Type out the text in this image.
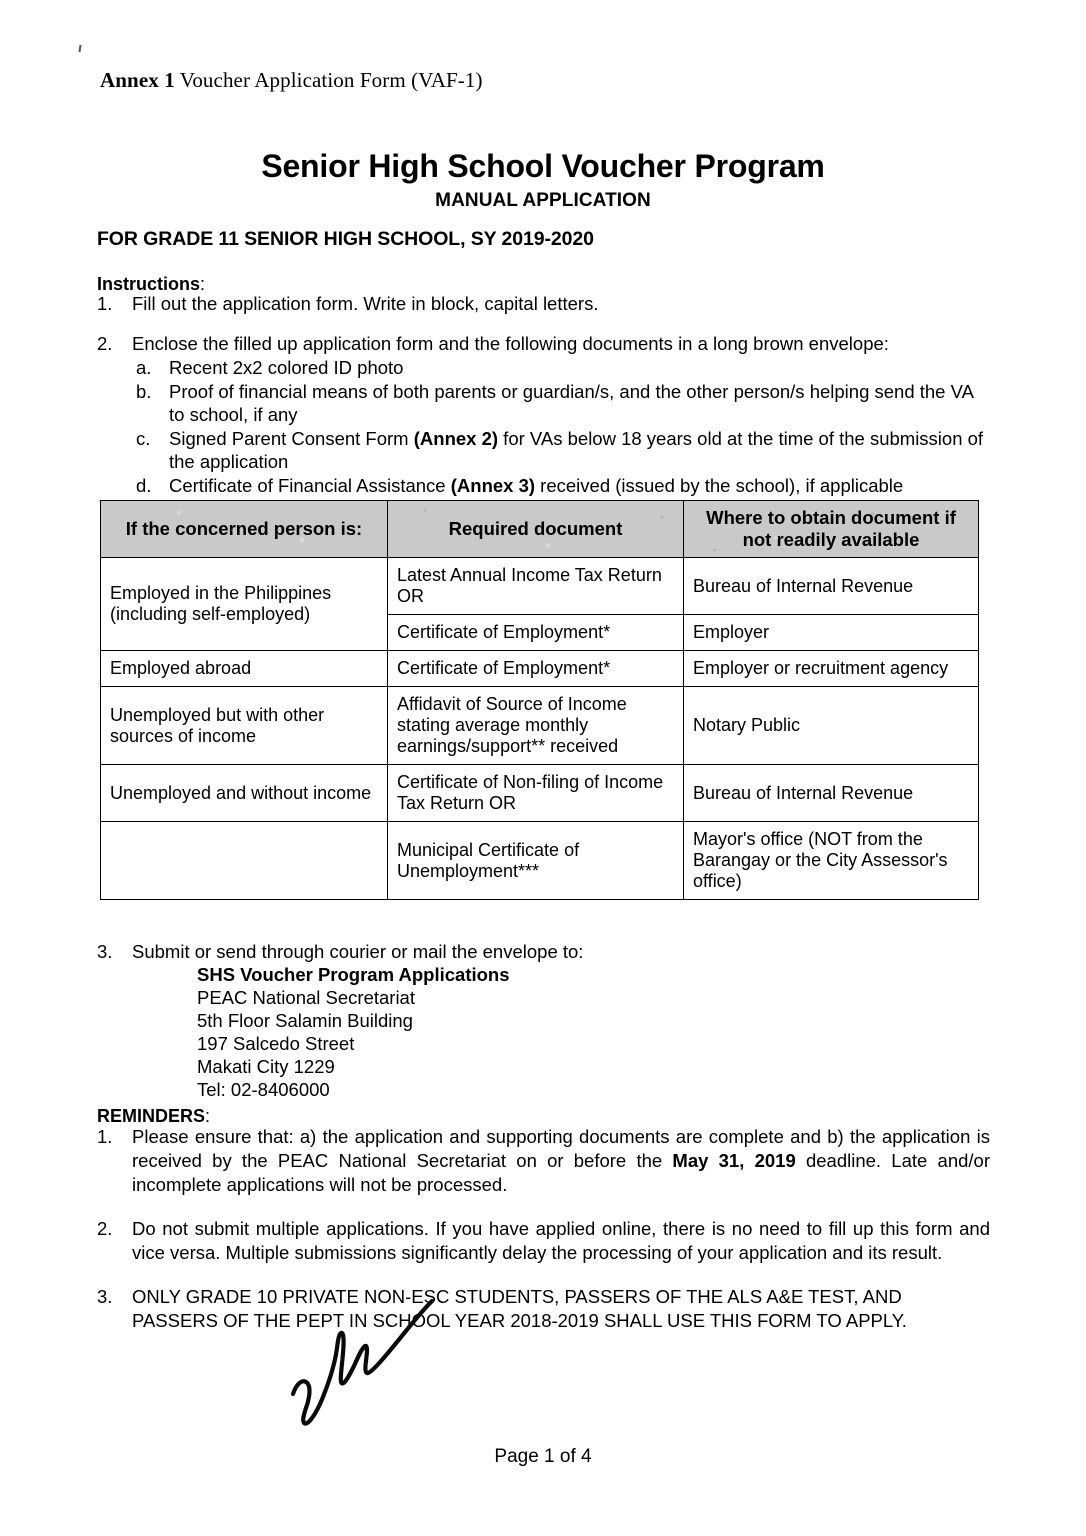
Annex 1 Voucher Application Form (VAF-1)
Senior High School Voucher Program
MANUAL APPLICATION
FOR GRADE 11 SENIOR HIGH SCHOOL, SY 2019-2020
Instructions:
1.	Fill out the application form. Write in block, capital letters.
2.	Enclose the filled up application form and the following documents in a long brown envelope:
a. Recent 2x2 colored ID photo
b. Proof of financial means of both parents or guardian/s, and the other person/s helping send the VA to school, if any
c.	Signed Parent Consent Form (Annex 2) for VAs below 18 years old at the time of the submission of the application
d. Certificate of Financial Assistance (Annex 3) received (issued by the school), if applicable
If the concerned person is:	Required document	Where to obtain document if not readily available
Employed in the Philippines (including self-employed)	Latest Annual Income Tax Return OR	Bureau of Internal Revenue
	Certificate of Employment*	Employer
Employed abroad	Certificate of Employment*	Employer or recruitment agency
Unemployed but with other sources of income	Affidavit of Source of Income stating average monthly earnings/support** received	Notary Public
Unemployed and without income	Certificate of Non-filing of Income Tax Return OR	Bureau of Internal Revenue
	Municipal Certificate of Unemployment***	Mayor's office (NOT from the Barangay or the City Assessor's office)
3.	Submit or send through courier or mail the envelope to:
SHS Voucher Program Applications
PEAC National Secretariat
5th Floor Salamin Building
197 Salcedo Street
Makati City 1229
Tel: 02-8406000
REMINDERS:
1. Please ensure that: a) the application and supporting documents are complete and b) the application is received by the PEAC National Secretariat on or before the May 31, 2019 deadline. Late and/or incomplete applications will not be processed.
2. Do not submit multiple applications. If you have applied online, there is no need to fill up this form and vice versa. Multiple submissions significantly delay the processing of your application and its result.
3. ONLY GRADE 10 PRIVATE NON-ESC STUDENTS, PASSERS OF THE ALS A&E TEST, AND PASSERS OF THE PEPT IN SCHOOL YEAR 2018-2019 SHALL USE THIS FORM TO APPLY.
Page 1 of 4
